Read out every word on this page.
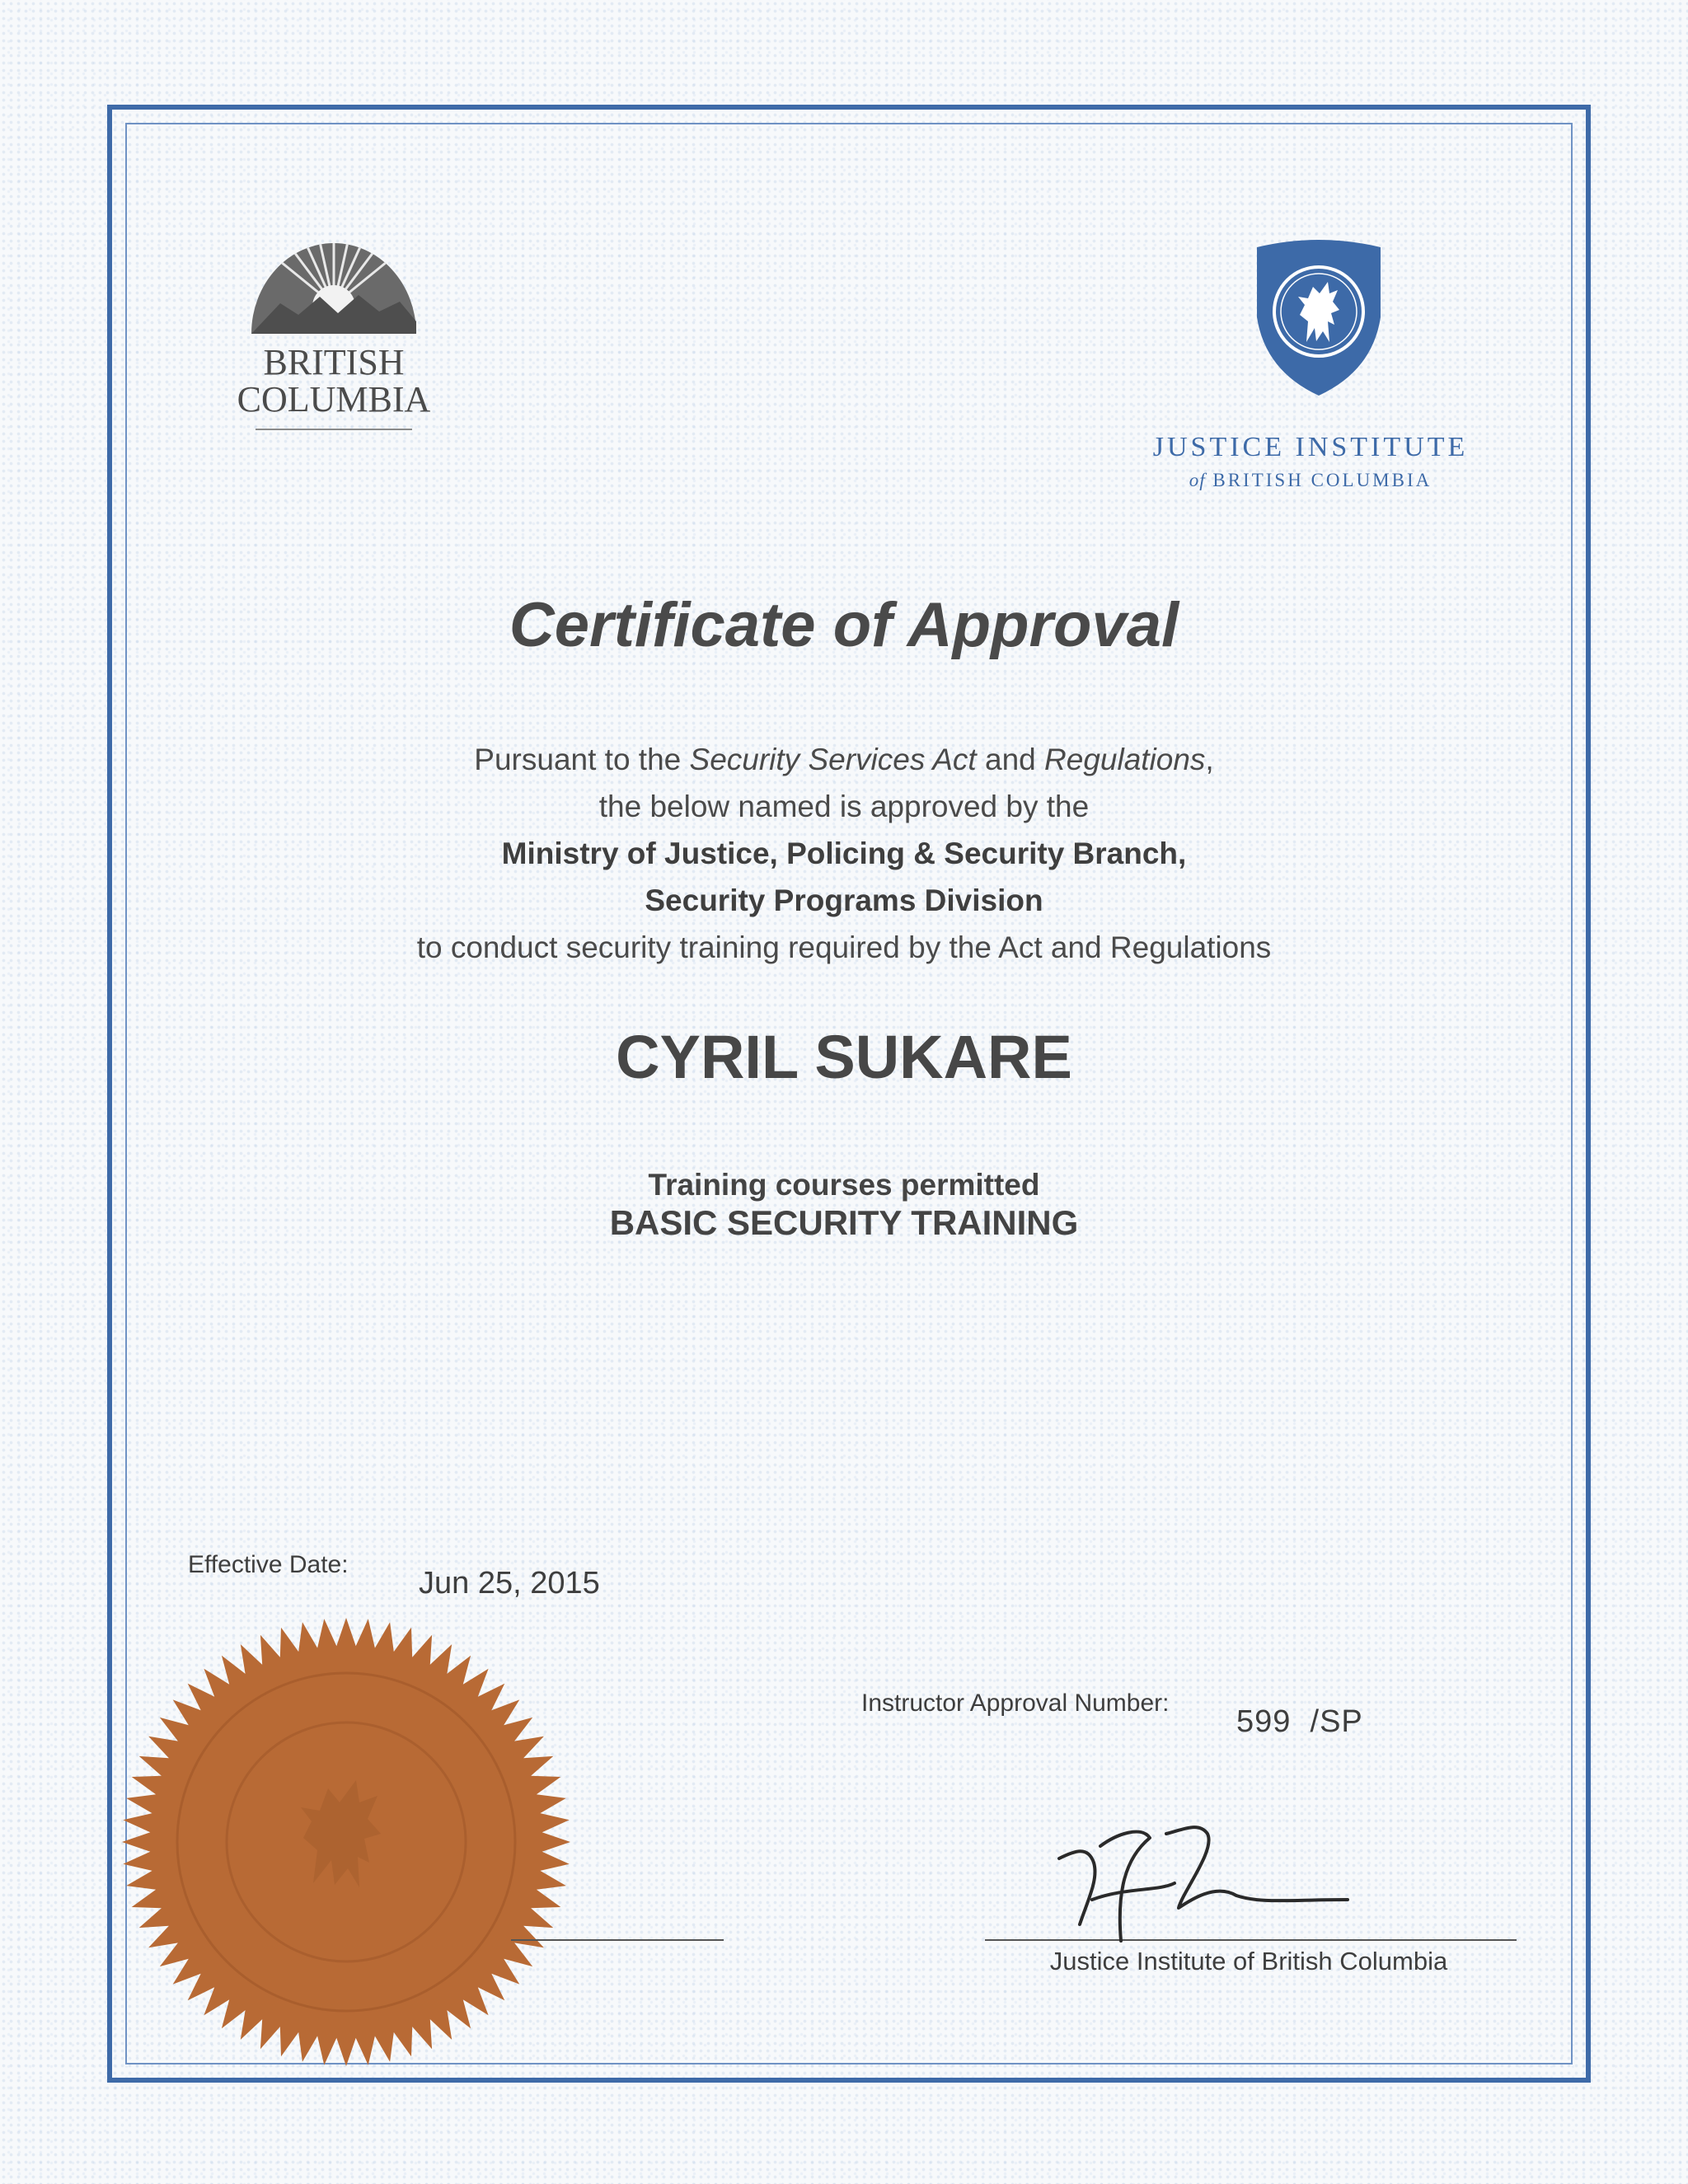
BRITISH
COLUMBIA
JUSTICE INSTITUTE
of BRITISH COLUMBIA
Certificate of Approval
Pursuant to the Security Services Act and Regulations,
the below named is approved by the
Ministry of Justice, Policing & Security Branch,
Security Programs Division
to conduct security training required by the Act and Regulations
CYRIL SUKARE
Training courses permitted
BASIC SECURITY TRAINING
Effective Date:
Jun 25, 2015
Instructor Approval Number:
599  /SP
Justice Institute of British Columbia
